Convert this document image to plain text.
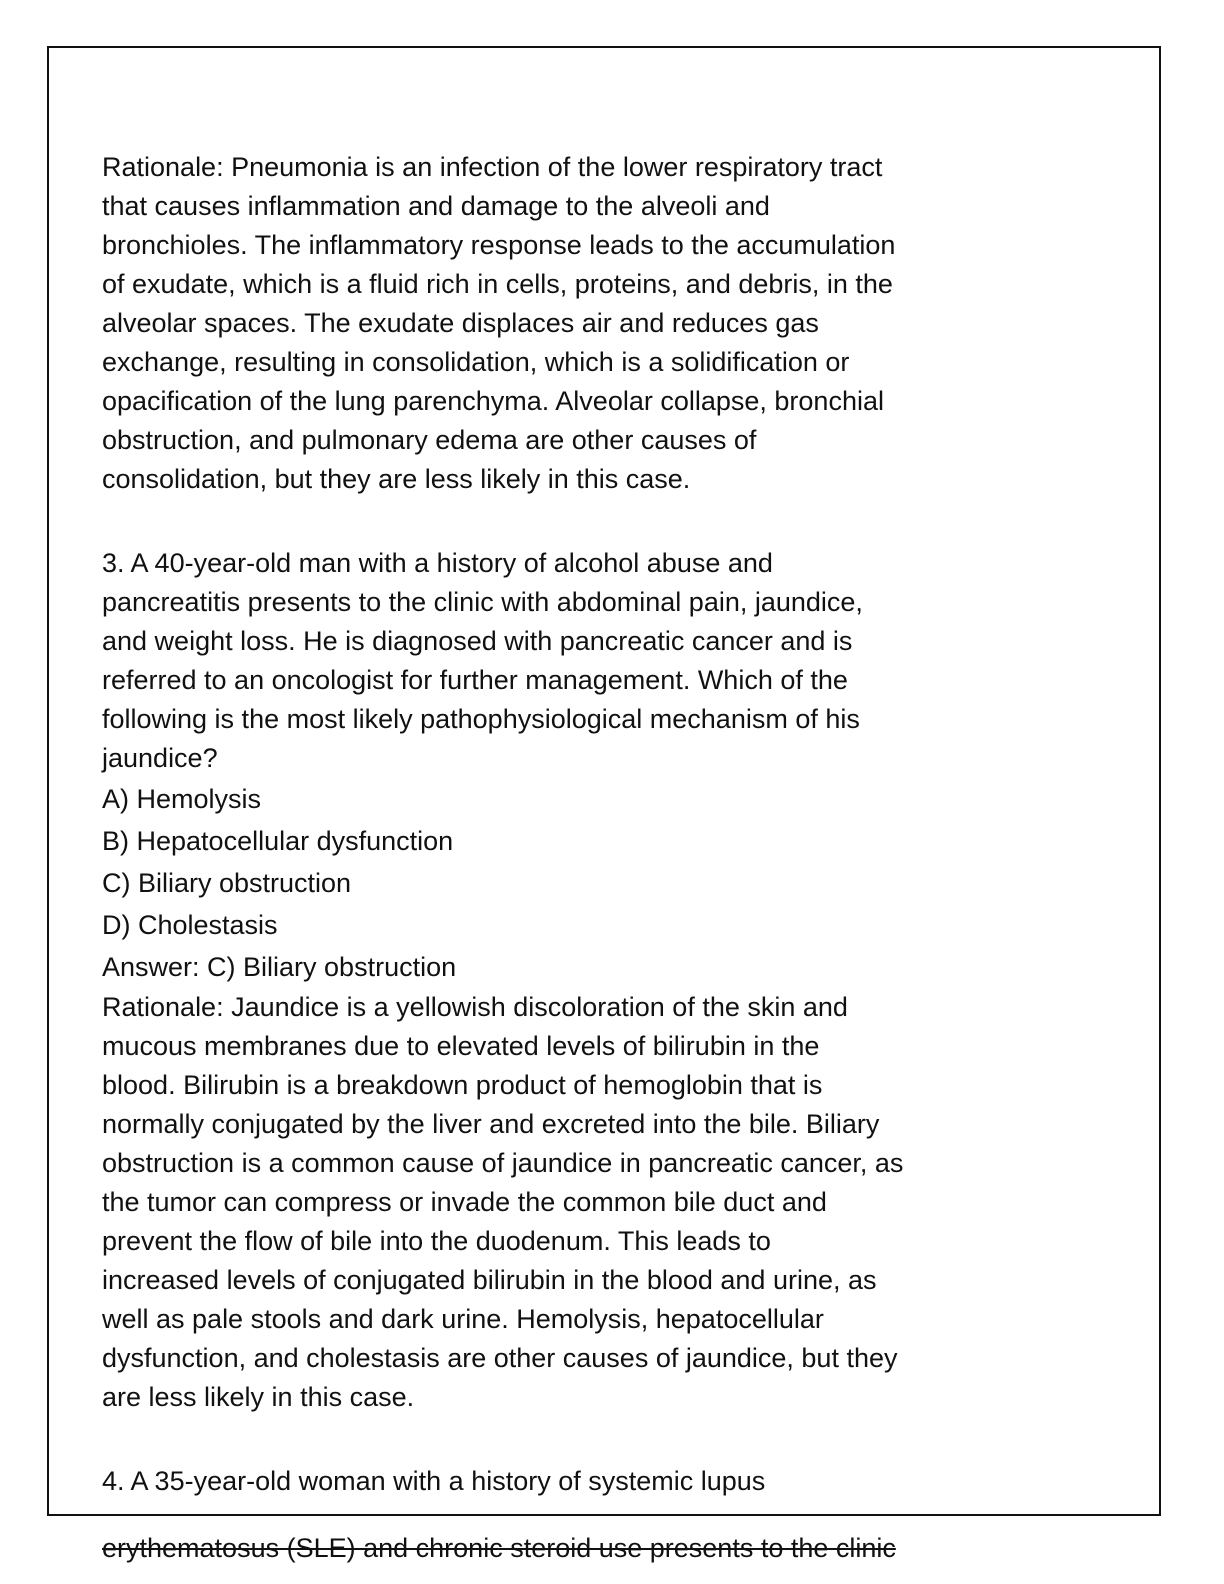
Rationale: Pneumonia is an infection of the lower respiratory tract
that causes inflammation and damage to the alveoli and
bronchioles. The inflammatory response leads to the accumulation
of exudate, which is a fluid rich in cells, proteins, and debris, in the
alveolar spaces. The exudate displaces air and reduces gas
exchange, resulting in consolidation, which is a solidification or
opacification of the lung parenchyma. Alveolar collapse, bronchial
obstruction, and pulmonary edema are other causes of
consolidation, but they are less likely in this case.

3. A 40-year-old man with a history of alcohol abuse and
pancreatitis presents to the clinic with abdominal pain, jaundice,
and weight loss. He is diagnosed with pancreatic cancer and is
referred to an oncologist for further management. Which of the
following is the most likely pathophysiological mechanism of his
jaundice?

A) Hemolysis

B) Hepatocellular dysfunction

C) Biliary obstruction

D) Cholestasis

Answer: C) Biliary obstruction

Rationale: Jaundice is a yellowish discoloration of the skin and
mucous membranes due to elevated levels of bilirubin in the
blood. Bilirubin is a breakdown product of hemoglobin that is
normally conjugated by the liver and excreted into the bile. Biliary
obstruction is a common cause of jaundice in pancreatic cancer, as
the tumor can compress or invade the common bile duct and
prevent the flow of bile into the duodenum. This leads to
increased levels of conjugated bilirubin in the blood and urine, as
well as pale stools and dark urine. Hemolysis, hepatocellular
dysfunction, and cholestasis are other causes of jaundice, but they
are less likely in this case.

4. A 35-year-old woman with a history of systemic lupus

erythematosus (SLE) and chronic steroid use presents to the clinic
